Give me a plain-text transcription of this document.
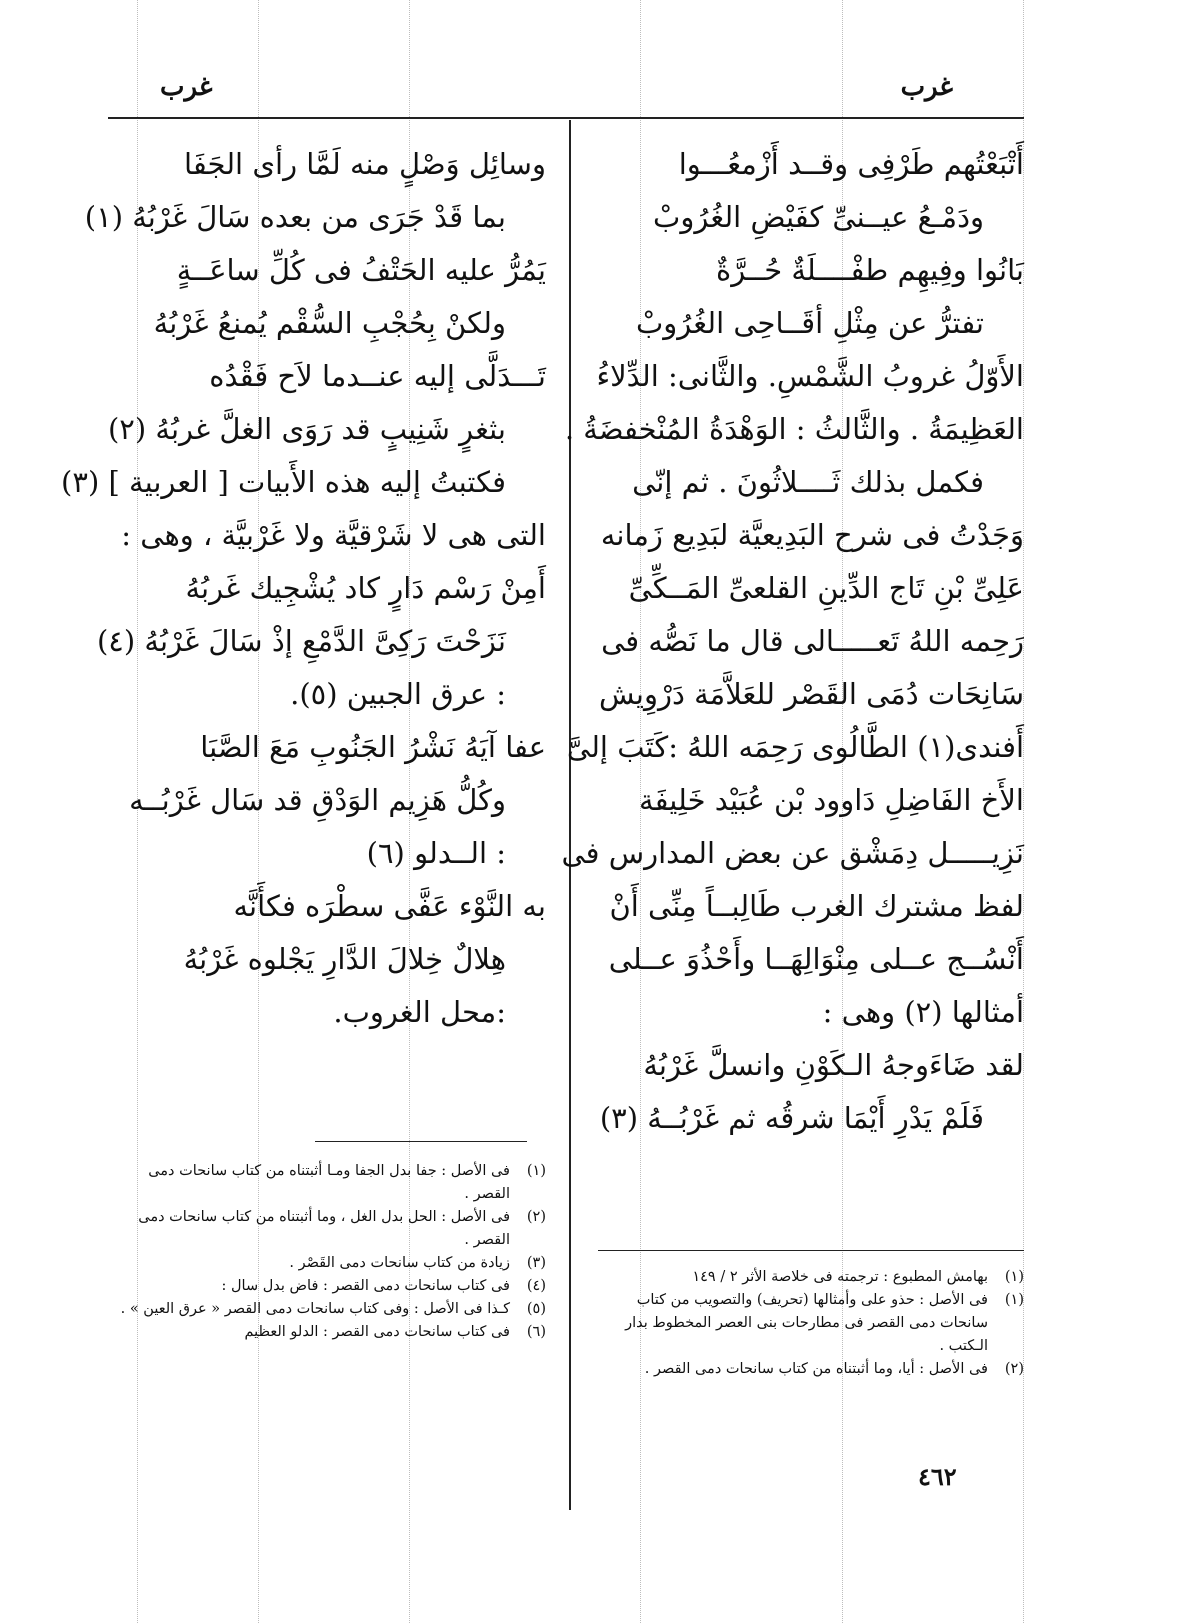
غرب
غرب
أَتْبَعْتُهم طَرْفِى وقــد أَزْمعُـــوا
ودَمْـعُ عيــنىِّ كفَيْضِ الغُرُوبْ
بَانُوا وفِيهِم طفْــــلَةٌ حُــرَّةٌ
تفترُّ عن مِثْلِ أقَــاحِى الغُرُوبْ
الأَوّلُ غروبُ الشَّمْسِ. والثَّانى: الدِّلاءُ
العَظِيمَةُ . والثَّالثُ : الوَهْدَةُ المُنْخفضَةُ .
فكمل بذلك ثَــــلاثُونَ . ثم إنّى
وَجَدْتُ فى شرح البَدِيعيَّة لبَدِيع زَمانه
عَلِىِّ بْنِ تَاج الدِّينِ القلعىِّ المَــكِّىِّ
رَحِمه اللهُ تَعـــــالى قال ما نَصُّه فى
سَانِحَات دُمَى القَصْر للعَلاَّمَة دَرْوِيش
أَفندى(١) الطَّالُوى رَحِمَه اللهُ :كَتَبَ إلىَّ
الأَخ الفَاضِلِ دَاوود بْن عُبَيْد خَلِيفَة
نَزِيـــــل دِمَشْق عن بعض المدارس فى
لفظ مشترك الغرب طَالِبــاً مِنِّى أَنْ
أَنْسُــج عــلى مِنْوَالِهَــا وأَحْذُوَ عــلى
أمثالها (٢) وهى :
لقد ضَاءَوجهُ الـكَوْنِ وانسلَّ غَرْبُهُ
فَلَمْ يَدْرِ أَيْمَا شرقُه ثم غَرْبُــهُ (٣)
وسائِل وَصْلٍ منه لَمَّا رأى الجَفَا
بما قَدْ جَرَى من بعده سَالَ غَرْبُهُ (١)
يَمُرُّ عليه الحَتْفُ فى كُلِّ ساعَــةٍ
ولكنْ بِحُجْبِ السُّقْم يُمنعُ غَرْبُهُ
تَـــدَلَّى إليه عنــدما لاَح فَقْدُه
بثغرٍ شَنِيبٍ قد رَوَى الغلَّ غربُهُ (٢)
فكتبتُ إليه هذه الأَبيات [ العربية ] (٣)
التى هى لا شَرْقيَّة ولا غَرْبيَّة ، وهى :
أَمِنْ رَسْم دَارٍ كاد يُشْجِيك غَربُهُ
نَزَحْتَ رَكِىَّ الدَّمْعِ إذْ سَالَ غَرْبُهُ (٤)
: عرق الجبين (٥).
عفا آيَهُ نَشْرُ الجَنُوبِ مَعَ الصَّبَا
وكُلُّ هَزِيم الوَدْقِ قد سَال غَرْبُــه
: الــدلو (٦)
به النَّوْء عَفَّى سطْرَه فكأَنَّه
هِلالٌ خِلالَ الدَّارِ يَجْلوه غَرْبُهُ
:محل الغروب.
(١)
بهامش المطبوع : ترجمته فى خلاصة الأثر ٢ / ١٤٩
(١)
فى الأصل : حذو على وأمثالها (تحريف) والتصويب من كتاب سانحات دمى القصر فى مطارحات بنى العصر المخطوط بدار الـكتب .
(٢)
فى الأصل : أيا، وما أثبتناه من كتاب سانحات دمى القصر .
(١)
فى الأصل : جفا بدل الجفا ومـا أثبتناه من كتاب سانحات دمى القصر .
(٢)
فى الأصل : الحل بدل الغل ، وما أثبتناه من كتاب سانحات دمى القصر .
(٣)
زيادة من كتاب سانحات دمى القَصْر .
(٤)
فى كتاب سانحات دمى القصر : فاض بدل سال :
(٥)
كـذا فى الأصل : وفى كتاب سانحات دمى القصر « عرق العين » .
(٦)
فى كتاب سانحات دمى القصر : الدلو العظيم
٤٦٢
